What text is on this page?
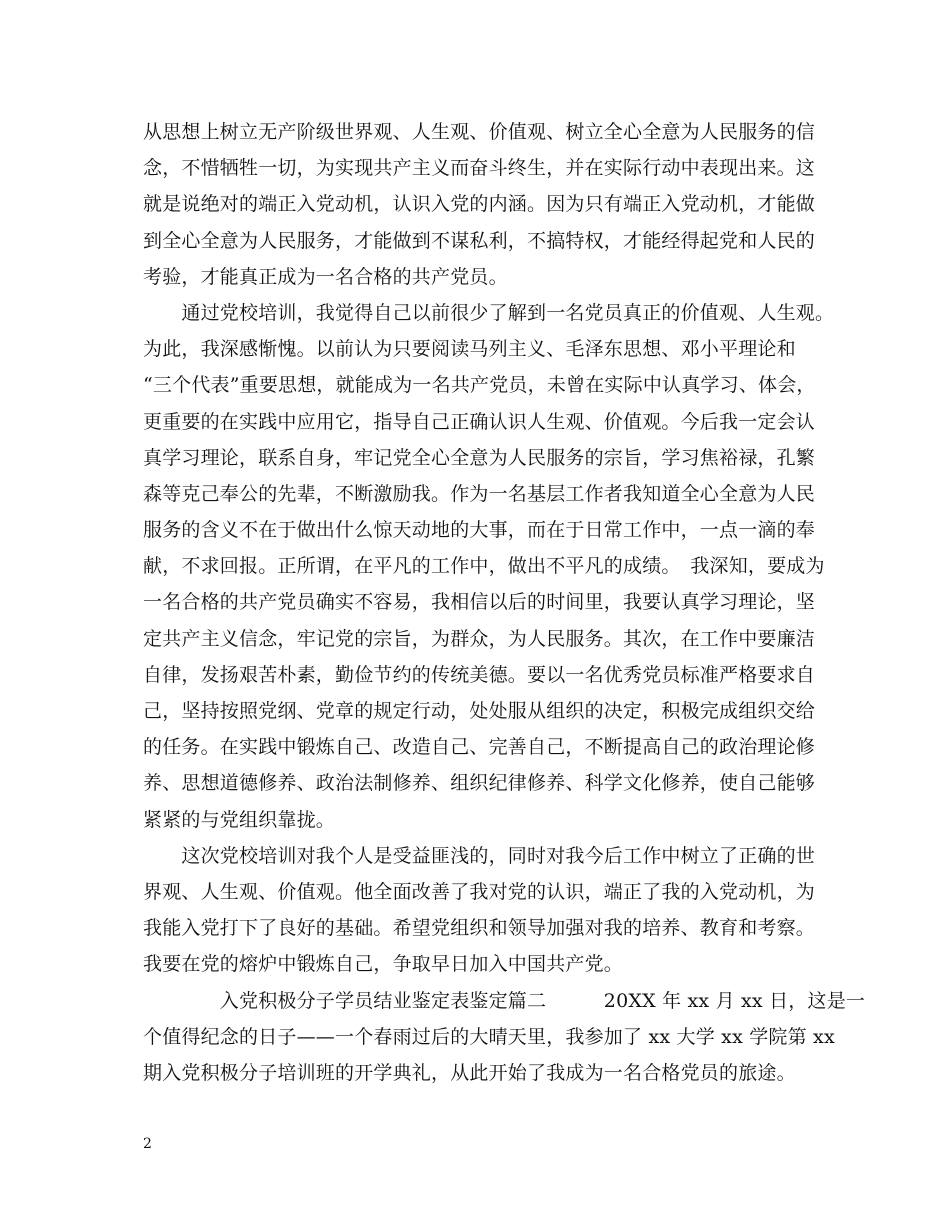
从思想上树立无产阶级世界观、人生观、价值观、树立全心全意为人民服务的信
念，不惜牺牲一切，为实现共产主义而奋斗终生，并在实际行动中表现出来。这
就是说绝对的端正入党动机，认识入党的内涵。因为只有端正入党动机，才能做
到全心全意为人民服务，才能做到不谋私利，不搞特权，才能经得起党和人民的
考验，才能真正成为一名合格的共产党员。
　　通过党校培训，我觉得自己以前很少了解到一名党员真正的价值观、人生观。
为此，我深感惭愧。以前认为只要阅读马列主义、毛泽东思想、邓小平理论和
“三个代表”重要思想，就能成为一名共产党员，未曾在实际中认真学习、体会，
更重要的在实践中应用它，指导自己正确认识人生观、价值观。今后我一定会认
真学习理论，联系自身，牢记党全心全意为人民服务的宗旨，学习焦裕禄，孔繁
森等克己奉公的先辈，不断激励我。作为一名基层工作者我知道全心全意为人民
服务的含义不在于做出什么惊天动地的大事，而在于日常工作中，一点一滴的奉
献，不求回报。正所谓，在平凡的工作中，做出不平凡的成绩。　我深知，要成为
一名合格的共产党员确实不容易，我相信以后的时间里，我要认真学习理论，坚
定共产主义信念，牢记党的宗旨，为群众，为人民服务。其次，在工作中要廉洁
自律，发扬艰苦朴素，勤俭节约的传统美德。要以一名优秀党员标准严格要求自
己，坚持按照党纲、党章的规定行动，处处服从组织的决定，积极完成组织交给
的任务。在实践中锻炼自己、改造自己、完善自己，不断提高自己的政治理论修
养、思想道德修养、政治法制修养、组织纪律修养、科学文化修养，使自己能够
紧紧的与党组织靠拢。
　　这次党校培训对我个人是受益匪浅的，同时对我今后工作中树立了正确的世
界观、人生观、价值观。他全面改善了我对党的认识，端正了我的入党动机，为
我能入党打下了良好的基础。希望党组织和领导加强对我的培养、教育和考察。
我要在党的熔炉中锻炼自己，争取早日加入中国共产党。
　　　　入党积极分子学员结业鉴定表鉴定篇二　　　20XX 年 xx 月 xx 日，这是一
个值得纪念的日子——一个春雨过后的大晴天里，我参加了 xx 大学 xx 学院第 xx
期入党积极分子培训班的开学典礼，从此开始了我成为一名合格党员的旅途。
2
